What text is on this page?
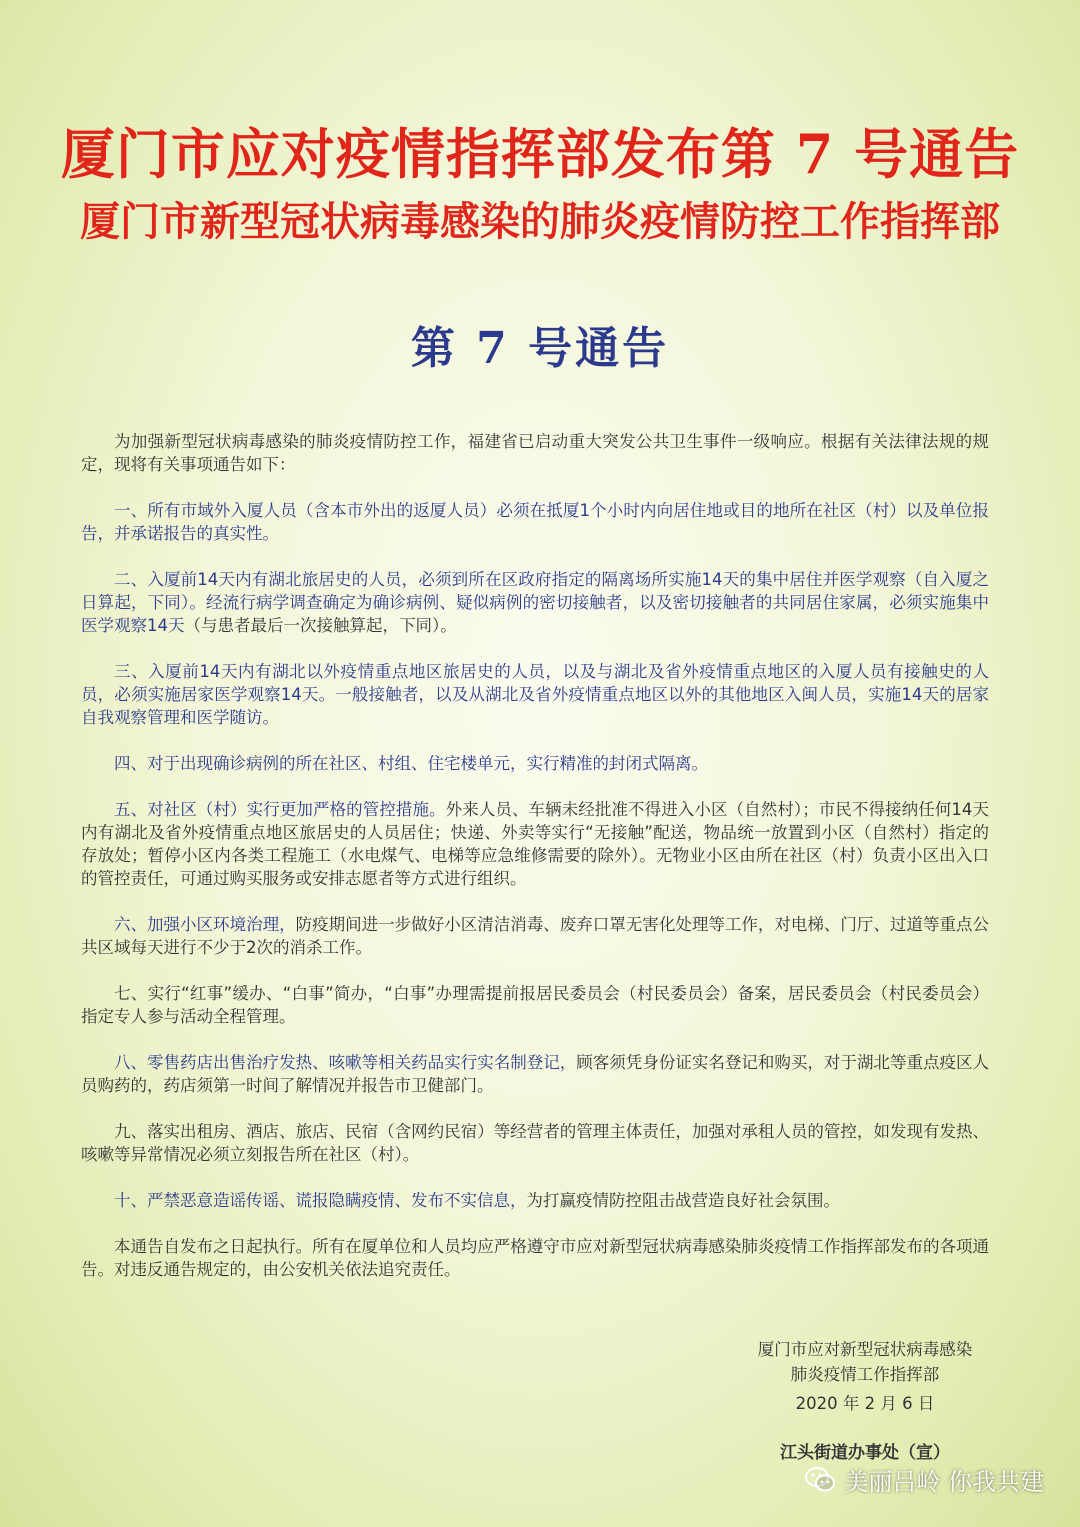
厦门市应对疫情指挥部发布第 7 号通告
厦门市新型冠状病毒感染的肺炎疫情防控工作指挥部
第 7 号通告

为加强新型冠状病毒感染的肺炎疫情防控工作，福建省已启动重大突发公共卫生事件一级响应。根据有关法律法规的规定，现将有关事项通告如下：

一、所有市域外入厦人员（含本市外出的返厦人员）必须在抵厦1个小时内向居住地或目的地所在社区（村）以及单位报告，并承诺报告的真实性。

二、入厦前14天内有湖北旅居史的人员，必须到所在区政府指定的隔离场所实施14天的集中居住并医学观察（自入厦之日算起，下同）。经流行病学调查确定为确诊病例、疑似病例的密切接触者，以及密切接触者的共同居住家属，必须实施集中医学观察14天（与患者最后一次接触算起，下同）。

三、入厦前14天内有湖北以外疫情重点地区旅居史的人员，以及与湖北及省外疫情重点地区的入厦人员有接触史的人员，必须实施居家医学观察14天。一般接触者，以及从湖北及省外疫情重点地区以外的其他地区入闽人员，实施14天的居家自我观察管理和医学随访。

四、对于出现确诊病例的所在社区、村组、住宅楼单元，实行精准的封闭式隔离。

五、对社区（村）实行更加严格的管控措施。外来人员、车辆未经批准不得进入小区（自然村）；市民不得接纳任何14天内有湖北及省外疫情重点地区旅居史的人员居住；快递、外卖等实行“无接触”配送，物品统一放置到小区（自然村）指定的存放处；暂停小区内各类工程施工（水电煤气、电梯等应急维修需要的除外）。无物业小区由所在社区（村）负责小区出入口的管控责任，可通过购买服务或安排志愿者等方式进行组织。

六、加强小区环境治理，防疫期间进一步做好小区清洁消毒、废弃口罩无害化处理等工作，对电梯、门厅、过道等重点公共区域每天进行不少于2次的消杀工作。

七、实行“红事”缓办、“白事”简办，“白事”办理需提前报居民委员会（村民委员会）备案，居民委员会（村民委员会）指定专人参与活动全程管理。

八、零售药店出售治疗发热、咳嗽等相关药品实行实名制登记，顾客须凭身份证实名登记和购买，对于湖北等重点疫区人员购药的，药店须第一时间了解情况并报告市卫健部门。

九、落实出租房、酒店、旅店、民宿（含网约民宿）等经营者的管理主体责任，加强对承租人员的管控，如发现有发热、咳嗽等异常情况必须立刻报告所在社区（村）。

十、严禁恶意造谣传谣、谎报隐瞒疫情、发布不实信息，为打赢疫情防控阻击战营造良好社会氛围。

本通告自发布之日起执行。所有在厦单位和人员均应严格遵守市应对新型冠状病毒感染肺炎疫情工作指挥部发布的各项通告。对违反通告规定的，由公安机关依法追究责任。

厦门市应对新型冠状病毒感染
肺炎疫情工作指挥部
2020 年 2 月 6 日
江头街道办事处（宣）
美丽吕岭 你我共建
